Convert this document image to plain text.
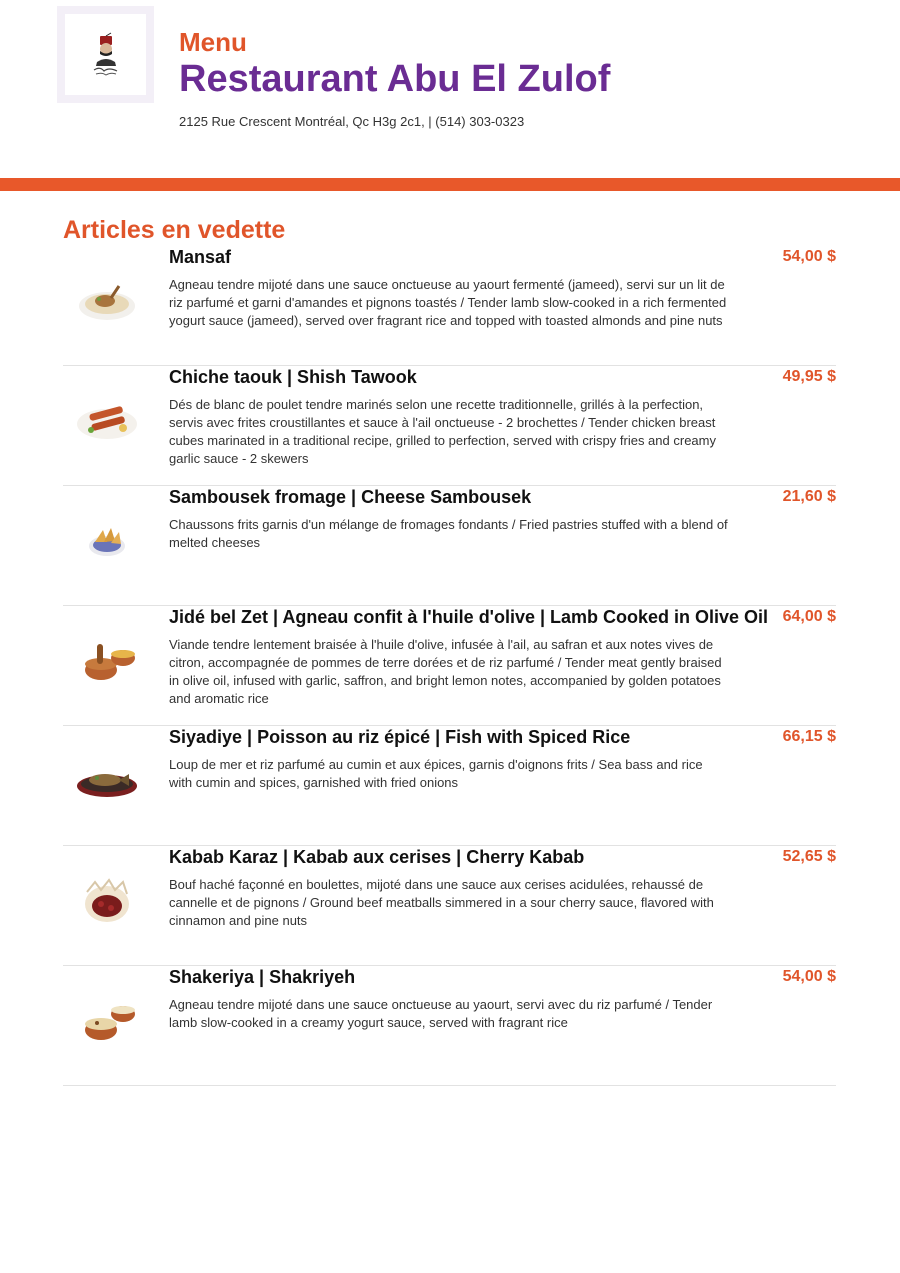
Menu
Restaurant Abu El Zulof
2125 Rue Crescent Montréal, Qc H3g 2c1, | (514) 303-0323
Articles en vedette
Mansaf	54,00 $
Agneau tendre mijoté dans une sauce onctueuse au yaourt fermenté (jameed), servi sur un lit de riz parfumé et garni d'amandes et pignons toastés / Tender lamb slow-cooked in a rich fermented yogurt sauce (jameed), served over fragrant rice and topped with toasted almonds and pine nuts
Chiche taouk | Shish Tawook	49,95 $
Dés de blanc de poulet tendre marinés selon une recette traditionnelle, grillés à la perfection, servis avec frites croustillantes et sauce à l'ail onctueuse - 2 brochettes / Tender chicken breast cubes marinated in a traditional recipe, grilled to perfection, served with crispy fries and creamy garlic sauce - 2 skewers
Sambousek fromage | Cheese Sambousek	21,60 $
Chaussons frits garnis d'un mélange de fromages fondants / Fried pastries stuffed with a blend of melted cheeses
Jidé bel Zet | Agneau confit à l'huile d'olive | Lamb Cooked in Olive Oil 64,00 $
Viande tendre lentement braisée à l'huile d'olive, infusée à l'ail, au safran et aux notes vives de citron, accompagnée de pommes de terre dorées et de riz parfumé / Tender meat gently braised in olive oil, infused with garlic, saffron, and bright lemon notes, accompanied by golden potatoes and aromatic rice
Siyadiye | Poisson au riz épicé | Fish with Spiced Rice	66,15 $
Loup de mer et riz parfumé au cumin et aux épices, garnis d'oignons frits / Sea bass and rice with cumin and spices, garnished with fried onions
Kabab Karaz | Kabab aux cerises | Cherry Kabab	52,65 $
Bouf haché façonné en boulettes, mijoté dans une sauce aux cerises acidulées, rehaussé de cannelle et de pignons / Ground beef meatballs simmered in a sour cherry sauce, flavored with cinnamon and pine nuts
Shakeriya | Shakriyeh	54,00 $
Agneau tendre mijoté dans une sauce onctueuse au yaourt, servi avec du riz parfumé / Tender lamb slow-cooked in a creamy yogurt sauce, served with fragrant rice
